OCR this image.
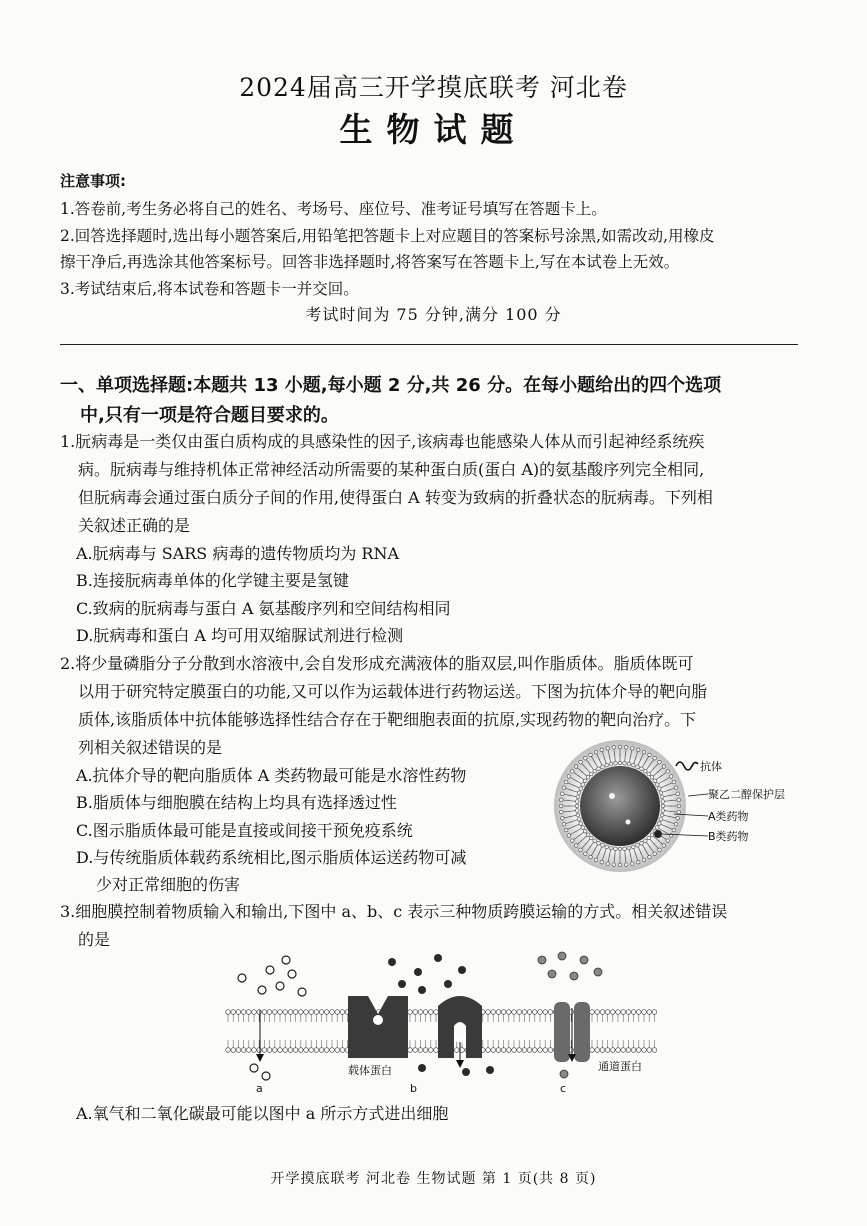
2024届高三开学摸底联考 河北卷
生物试题
注意事项:
1.答卷前,考生务必将自己的姓名、考场号、座位号、准考证号填写在答题卡上。
2.回答选择题时,选出每小题答案后,用铅笔把答题卡上对应题目的答案标号涂黑,如需改动,用橡皮
擦干净后,再选涂其他答案标号。回答非选择题时,将答案写在答题卡上,写在本试卷上无效。
3.考试结束后,将本试卷和答题卡一并交回。
考试时间为 75 分钟,满分 100 分
一、单项选择题:本题共 13 小题,每小题 2 分,共 26 分。在每小题给出的四个选项
中,只有一项是符合题目要求的。
1.朊病毒是一类仅由蛋白质构成的具感染性的因子,该病毒也能感染人体从而引起神经系统疾
病。朊病毒与维持机体正常神经活动所需要的某种蛋白质(蛋白 A)的氨基酸序列完全相同,
但朊病毒会通过蛋白质分子间的作用,使得蛋白 A 转变为致病的折叠状态的朊病毒。下列相
关叙述正确的是
A.朊病毒与 SARS 病毒的遗传物质均为 RNA
B.连接朊病毒单体的化学键主要是氢键
C.致病的朊病毒与蛋白 A 氨基酸序列和空间结构相同
D.朊病毒和蛋白 A 均可用双缩脲试剂进行检测
2.将少量磷脂分子分散到水溶液中,会自发形成充满液体的脂双层,叫作脂质体。脂质体既可
以用于研究特定膜蛋白的功能,又可以作为运载体进行药物运送。下图为抗体介导的靶向脂
质体,该脂质体中抗体能够选择性结合存在于靶细胞表面的抗原,实现药物的靶向治疗。下
列相关叙述错误的是
A.抗体介导的靶向脂质体 A 类药物最可能是水溶性药物
B.脂质体与细胞膜在结构上均具有选择透过性
C.图示脂质体最可能是直接或间接干预免疫系统
D.与传统脂质体载药系统相比,图示脂质体运送药物可减
少对正常细胞的伤害
抗体
聚乙二醇保护层
A类药物
B类药物
3.细胞膜控制着物质输入和输出,下图中 a、b、c 表示三种物质跨膜运输的方式。相关叙述错误
的是
a
载体蛋白
b
通道蛋白
c
A.氧气和二氧化碳最可能以图中 a 所示方式进出细胞
开学摸底联考 河北卷 生物试题 第 1 页(共 8 页)
